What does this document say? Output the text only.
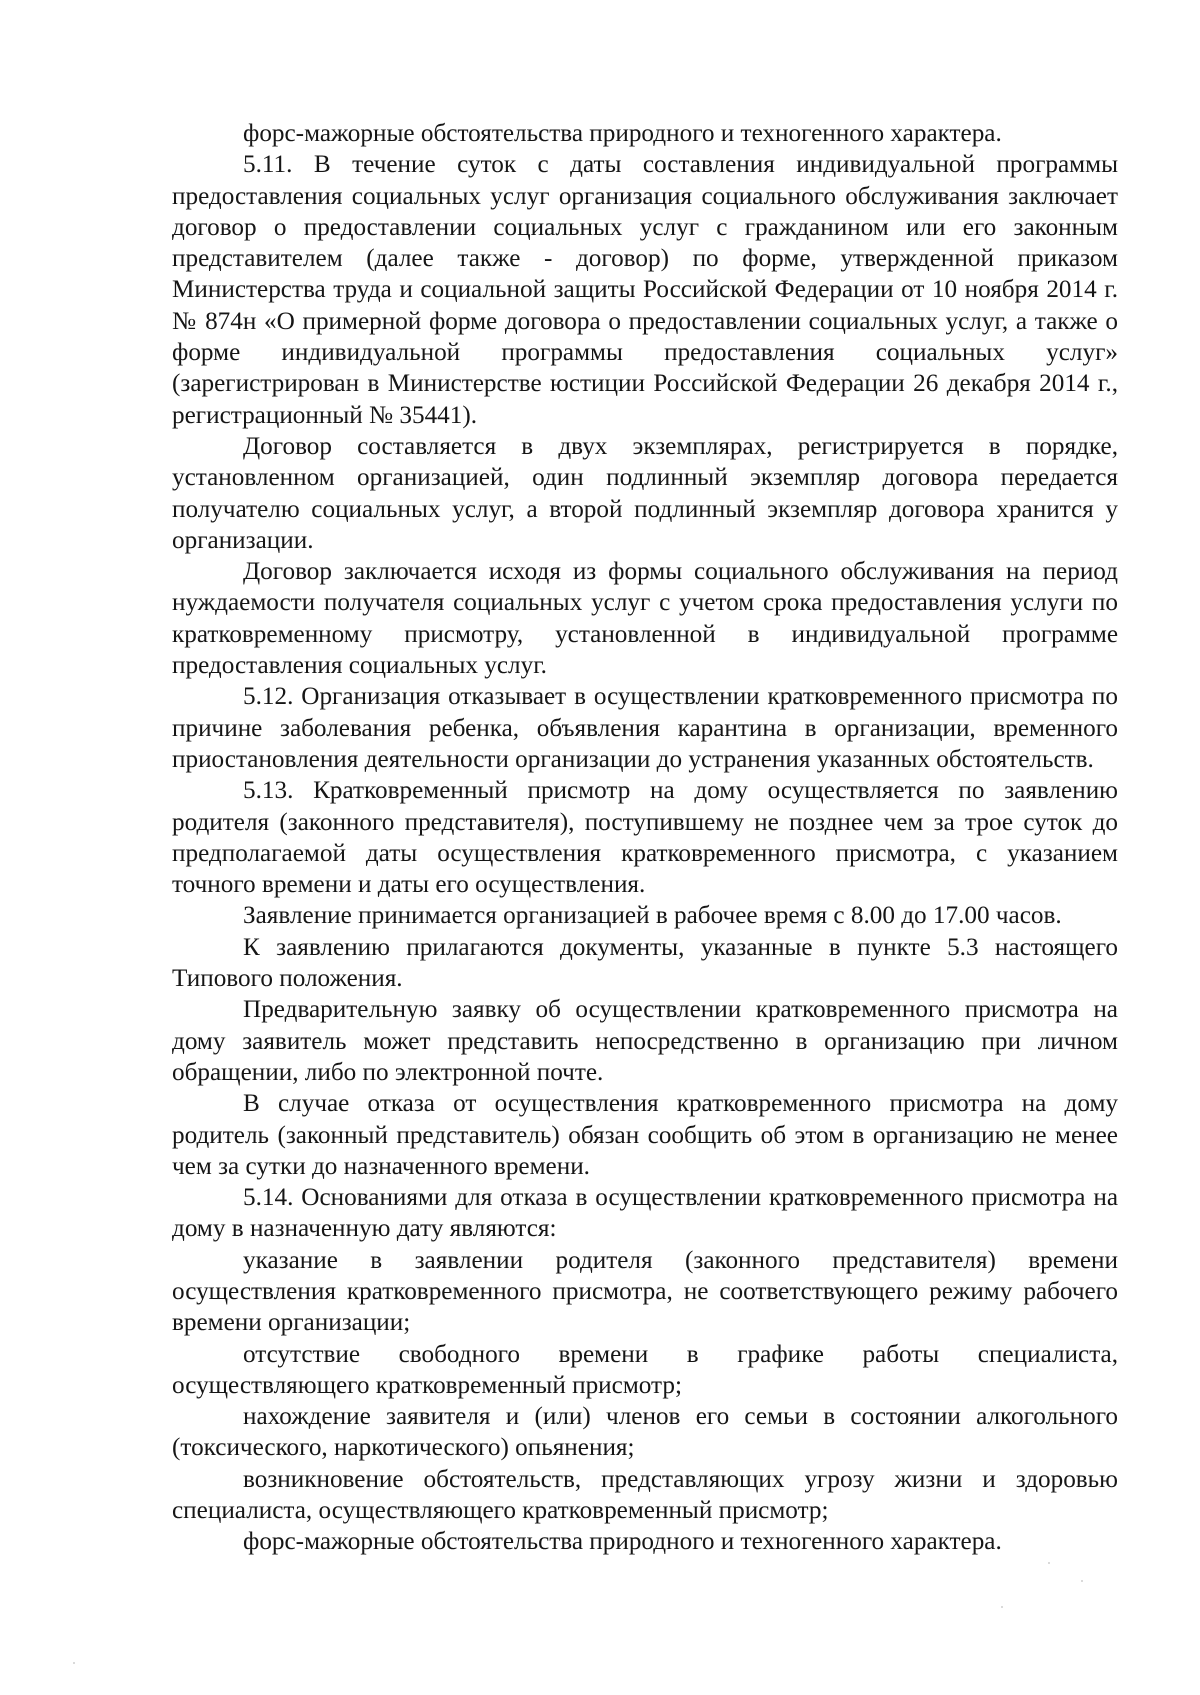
форс-мажорные обстоятельства природного и техногенного характера.

5.11. В течение суток с даты составления индивидуальной программы предоставления социальных услуг организация социального обслуживания заключает договор о предоставлении социальных услуг с гражданином или его законным представителем (далее также - договор) по форме, утвержденной приказом Министерства труда и социальной защиты Российской Федерации от 10 ноября 2014 г. № 874н «О примерной форме договора о предоставлении социальных услуг, а также о форме индивидуальной программы предоставления социальных услуг» (зарегистрирован в Министерстве юстиции Российской Федерации 26 декабря 2014 г., регистрационный № 35441).

Договор составляется в двух экземплярах, регистрируется в порядке, установленном организацией, один подлинный экземпляр договора передается получателю социальных услуг, а второй подлинный экземпляр договора хранится у организации.

Договор заключается исходя из формы социального обслуживания на период нуждаемости получателя социальных услуг с учетом срока предоставления услуги по кратковременному присмотру, установленной в индивидуальной программе предоставления социальных услуг.

5.12. Организация отказывает в осуществлении кратковременного присмотра по причине заболевания ребенка, объявления карантина в организации, временного приостановления деятельности организации до устранения указанных обстоятельств.

5.13. Кратковременный присмотр на дому осуществляется по заявлению родителя (законного представителя), поступившему не позднее чем за трое суток до предполагаемой даты осуществления кратковременного присмотра, с указанием точного времени и даты его осуществления.

Заявление принимается организацией в рабочее время с 8.00 до 17.00 часов.

К заявлению прилагаются документы, указанные в пункте 5.3 настоящего Типового положения.

Предварительную заявку об осуществлении кратковременного присмотра на дому заявитель может представить непосредственно в организацию при личном обращении, либо по электронной почте.

В случае отказа от осуществления кратковременного присмотра на дому родитель (законный представитель) обязан сообщить об этом в организацию не менее чем за сутки до назначенного времени.

5.14. Основаниями для отказа в осуществлении кратковременного присмотра на дому в назначенную дату являются:

указание в заявлении родителя (законного представителя) времени осуществления кратковременного присмотра, не соответствующего режиму рабочего времени организации;

отсутствие свободного времени в графике работы специалиста, осуществляющего кратковременный присмотр;

нахождение заявителя и (или) членов его семьи в состоянии алкогольного (токсического, наркотического) опьянения;

возникновение обстоятельств, представляющих угрозу жизни и здоровью специалиста, осуществляющего кратковременный присмотр;

форс-мажорные обстоятельства природного и техногенного характера.
